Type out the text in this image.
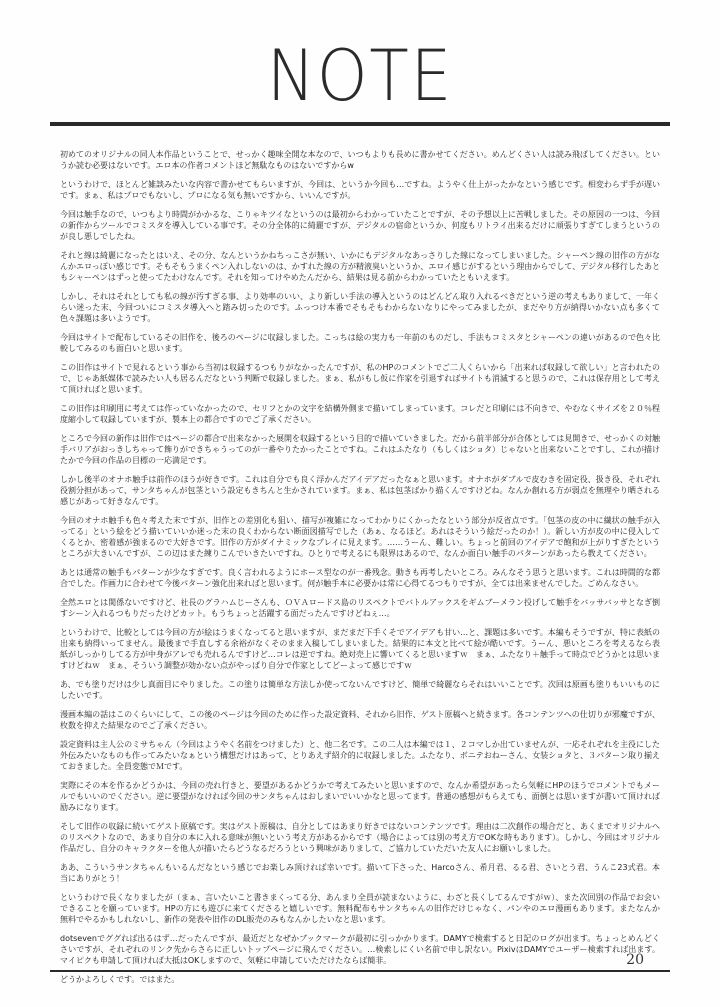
NOTE

初めてのオリジナルの同人本作品ということで、せっかく趣味全開な本なので、いつもよりも長めに書かせてください。めんどくさい人は読み飛ばしてください。というか読む必要はないです。エロ本の作者コメントほど無駄なものはないですからw

というわけで、ほとんど雑談みたいな内容で書かせてもらいますが、今回は、というか今回も…ですね。ようやく仕上がったかなという感じです。相変わらず手が遅いです。まぁ、私はプロでもないし、プロになる気も無いですから、いいんですが。

今回は触手なので、いつもより時間がかかるな、こりゃキツイなというのは最初からわかっていたことですが、その予想以上に苦戦しました。その原因の一つは、今回の新作からツールでコミスタを導入している事です。その分全体的に綺麗ですが、デジタルの宿命というか、何度もリトライ出来るだけに頑張りすぎてしまうというのが良し悪しでしたね。

それと線は綺麗になったとはいえ、その分、なんというかねちっこさが無い、いかにもデジタルなあっさりした線になってしまいました。シャーペン線の旧作の方がなんかエロっぽい感じです。そもそもうまくペン入れしないのは、かすれた線の方が精液臭いというか、エロイ感じがするという理由からでして、デジタル移行したあともシャーペンはずっと使ってたわけなんです。それを知ってけやめたんだから、結果は見る前からわかっていたともいえます。

しかし、それはそれとしても私の線が汚すぎる事、より効率のいい、より新しい手法の導入というのはどんどん取り入れるべきだという逆の考えもありまして、一年くらい迷った末、今回ついにコミスタ導入へと踏み切ったのです。ふっつけ本番でそもそもわからないなりにやってみましたが、まだやり方が納得いかない点も多くて色々課題は多いようです。

今回はサイトで配布しているその旧作を、後ろのページに収録しました。こっちは絵の実力も一年前のものだし、手法もコミスタとシャーペンの違いがあるので色々比較してみるのも面白いと思います。

この旧作はサイトで見れるという事から当初は収録するつもりがなかったんですが、私のHPのコメントでご二人くらいから「出来れば収録して欲しい」と言われたので、じゃあ紙媒体で読みたい人も居るんだなという判断で収録しました。まぁ、私がもし仮に作家を引退すればサイトも消滅すると思うので、これは保存用として考えて頂ければと思います。

この旧作は印刷用に考えては作っていなかったので、セリフとかの文字を結構外側まで描いてしまっています。コレだと印刷には不向きで、やむなくサイズを２０％程度縮小して収録していますが、製本上の都合ですのでご了承ください。

ところで今回の新作は旧作ではページの都合で出来なかった展開を収録するという目的で描いていきました。だから前半部分が合体としては見開きで、せっかくの対触手バリアがおっきしちゃって飾りができちゃうってのが一番やりたかったことですね。これはふたなり（もしくはショタ）じゃないと出来ないことですし、これが描けたかで今回の作品の目標の一応満足です。

しかし後半のオナホ触手は前作のほうが好きです。これは自分でも良く浮かんだアイデアだったなぁと思います。オナホがダブルで皮むきを固定役、扱き役、それぞれ役割分担があって、サンタちゃんが包茎という設定もきちんと生かされています。まぁ、私は包茎ばかり描くんですけどね。なんか創れる方が弱点を無理やり晒される感じがあって好きなんです。

今回のオナホ触手も色々考えた末ですが、旧作との差別化も狙い、描写が複雑になってわかりにくかったなという部分が反省点です。「包茎の皮の中に繊状の触手が入ってる」という絵をどう描いていいか迷った末の良くわからない断面図描写でした（あぁ、なるほど。あれはそういう絵だったのか！）。新しい方が皮の中に侵入してくるとか、密着感が強まるので大好きです。旧作の方がダイナミックなプレイに見えます。……うーん、難しい。ちょっと前回のアイデアで飽和が上がりすぎたというところが大きいんですが、この辺はまた練りこんでいきたいですね。ひとりで考えるにも限界はあるので、なんか面白い触手のパターンがあったら教えてください。

あとは通常の触手もパターンが少なすぎです。良く言われるようにホース型なのが一番残念。動きも再考したいところ。みんなそう思うと思います。これは時間的な都合でした。作画力に合わせて今後パターン強化出来ればと思います。何が触手本に必要かは常に心得てるつもりですが、全ては出来ませんでした。ごめんなさい。

全然エロとは関係ないですけど、社長のグラハムじーさんも、ＯＶＡロードス島のリスペクトでバトルアックスをギムブーメラン投げして触手をバッサバッサとなぎ倒すシーン入れるつもりだったけどカット。もうちょっと活躍する面だったんですけどねぇ…。

というわけで、比較としては今回の方が絵はうまくなってると思いますが、まだまだ下手くそでアイデアも甘い…と、課題は多いです。本編もそうですが、特に表紙の出来も納得いってません。最後まで手直しする余裕がなくそのまま入稿してしまいました。結果的に本文と比べて絵が酷いです。うーん、悪いところを考えるなら表紙がしっかりしてる方が中身がアレでも売れるんですけど…コレは逆ですね。絶対売上に響いてくると思いますｗ　まぁ、ふたなり＋触手って時点でどうかとは思いますけどねｗ　まぁ、そういう調整が効かない点がやっぱり自分で作家としてどーよって感じですｗ

あ、でも塗りだけは少し真面目にやりました。この塗りは簡単な方法しか使ってないんですけど、簡単で綺麗ならそれはいいことです。次回は原画も塗りもいいものにしたいです。

漫画本編の話はこのくらいにして、この後のページは今回のために作った設定資料、それから旧作、ゲスト原稿へと続きます。各コンテンツへの仕切りが邪魔ですが、枚数を抑えた結果なのでご了承ください。

設定資料は主人公のミサちゃん（今回はようやく名前をつけました）と、他二名です。この二人は本編では１、２コマしか出ていませんが、一応それぞれを主役にした外伝みたいなものも作ってみたいなぁという構想だけはあって、とりあえず紹介的に収録しました。ふたなり、ボニテおねーさん、女装ショタと、３パターン取り揃えておきました。全員変態でＭです。

実際にその本を作るかどうかは、今回の売れ行きと、要望があるかどうかで考えてみたいと思いますので、なんか希望があったら気軽にHPのほうでコメントでもメールでもいいのでください。逆に要望がなければ今回のサンタちゃんはおしまいでいいかなと思ってます。普通の感想がもらえても、面倒とは思いますが書いて頂ければ励みになります。

そして旧作の収録に続いてゲスト原稿です。実はゲスト原稿は、自分としてはあまり好きではないコンテンツです。理由は二次創作の場合だと、あくまでオリジナルへのリスペクトなので、あまり自分の本に入れる意味が無いという考え方があるからです（場合によっては別の考え方でOKな時もあります）。しかし、今回はオリジナル作品だし、自分のキャラクターを他人が描いたらどうなるだろうという興味がありまして、ご協力していただいた友人にお願いしました。

ああ、こういうサンタちゃんもいるんだなという感じでお楽しみ頂ければ幸いです。描いて下さった、Harcoさん、希月君、るる君、さいとう君、うんこ23式君。本当にありがとう！

というわけで長くなりましたが（まぁ、言いたいこと書きまくってる分、あんまり全員が読まないように、わざと長くしてるんですがｗ）、また次回別の作品でお会いできることを願っています。HPの方にも遊びに来てくださると嬉しいです。無料配布もサンタちゃんの旧作だけじゃなく、パンやのエロ漫画もあります。またなんか無料でやるかもしれないし、新作の発表や旧作のDL販売のみもなんかしたいなと思います。

dotsevenでググれば出るはず…だったんですが、最近だとなぜかブックマークが最初に引っかかります。DAMYで検索すると日記のログが出ます。ちょっとめんどくさいですが、それぞれのリンク先からさらに正しいトップページに飛んでください。…検索しにくい名前で申し訳ない。PixivはDAMYでユーザー検索すれば出ます。マイピクも申請して頂ければ大抵はOKしますので、気軽に申請していただけたならば簡非。

どうかよろしくです。ではまた。

20
